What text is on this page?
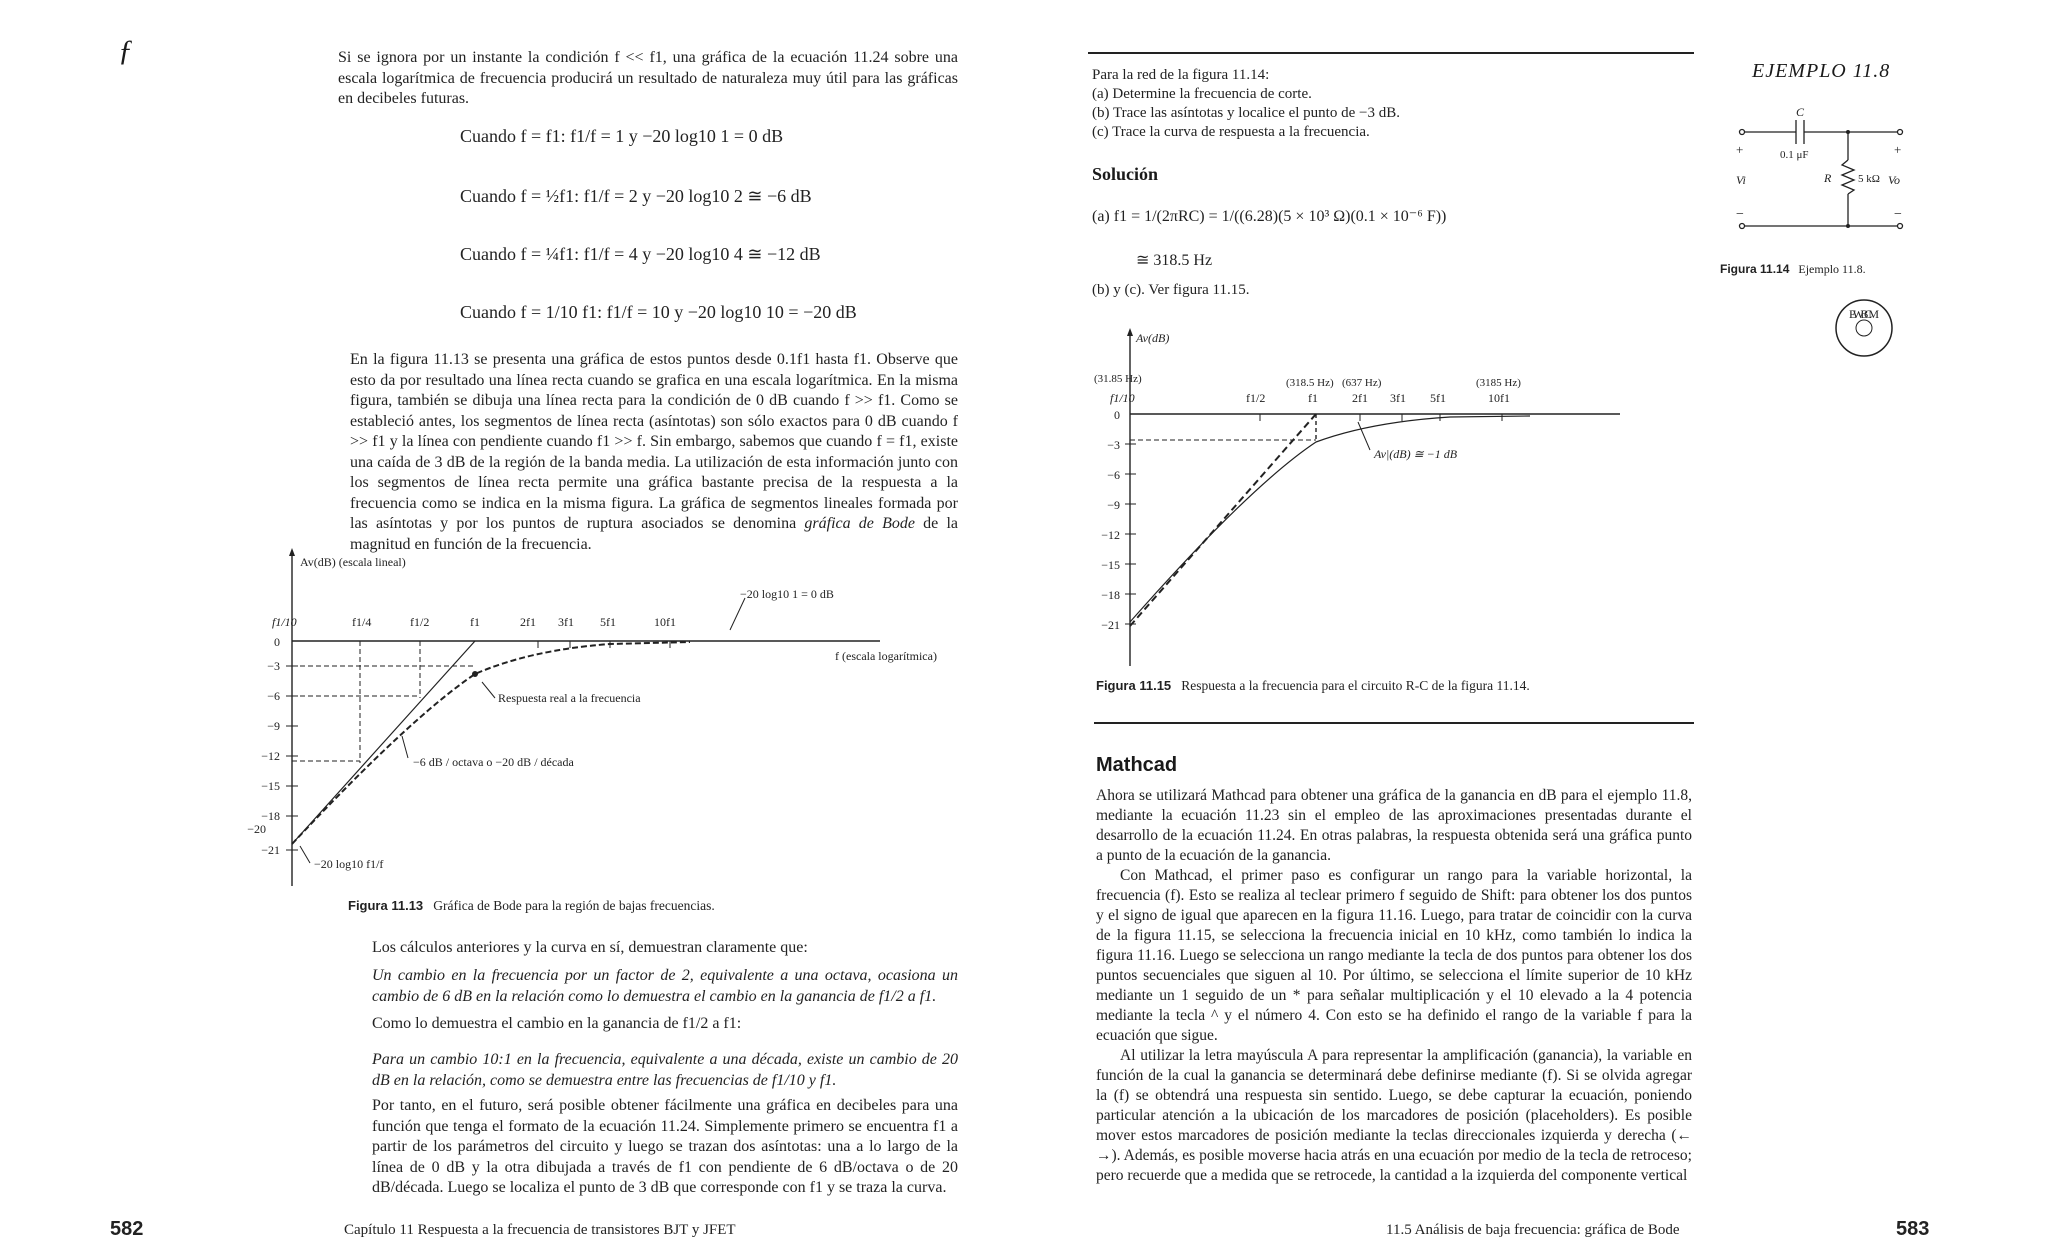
ƒ	Si se ignora por un instante la condición f << f1, una gráfica de la ecuación 11.24 sobre una escala logarítmica de frecuencia producirá un resultado de naturaleza muy útil para las gráficas en decibeles futuras.

Cuando f = f1: f1/f = 1 y −20 log10 1 = 0 dB
Cuando f = ½f1: f1/f = 2 y −20 log10 2 ≅ −6 dB
Cuando f = ¼f1: f1/f = 4 y −20 log10 4 ≅ −12 dB
Cuando f = 1/10 f1: f1/f = 10 y −20 log10 10 = −20 dB

En la figura 11.13 se presenta una gráfica de estos puntos desde 0.1f1 hasta f1. Observe que esto da por resultado una línea recta cuando se grafica en una escala logarítmica. En la misma figura, también se dibuja una línea recta para la condición de 0 dB cuando f >> f1. Como se estableció antes, los segmentos de línea recta (asíntotas) son sólo exactos para 0 dB cuando f >> f1 y la línea con pendiente cuando f1 >> f. Sin embargo, sabemos que cuando f = f1, existe una caída de 3 dB de la región de la banda media. La utilización de esta información junto con los segmentos de línea recta permite una gráfica bastante precisa de la respuesta a la frecuencia como se indica en la misma figura. La gráfica de segmentos lineales formada por las asíntotas y por los puntos de ruptura asociados se denomina gráfica de Bode de la magnitud en función de la frecuencia.

Av(dB) (escala lineal)
f (escala logarítmica)
f1/10	f1/4	f1/2	f1	2f1 3f1 5f1	10f1
0
−3
−6
−9
−12
−15
−18
−20
−21
−20 log10 1 = 0 dB
Respuesta real a la frecuencia
−6 dB / octava o −20 dB / década
−20 log10 f1/f
Figura 11.13 Gráfica de Bode para la región de bajas frecuencias.

Los cálculos anteriores y la curva en sí, demuestran claramente que:

Un cambio en la frecuencia por un factor de 2, equivalente a una octava, ocasiona un cambio de 6 dB en la relación como lo demuestra el cambio en la ganancia de f1/2 a f1.

Como lo demuestra el cambio en la ganancia de f1/2 a f1:

Para un cambio 10:1 en la frecuencia, equivalente a una década, existe un cambio de 20 dB en la relación, como se demuestra entre las frecuencias de f1/10 y f1.

Por tanto, en el futuro, será posible obtener fácilmente una gráfica en decibeles para una función que tenga el formato de la ecuación 11.24. Simplemente primero se encuentra f1 a partir de los parámetros del circuito y luego se trazan dos asíntotas: una a lo largo de la línea de 0 dB y la otra dibujada a través de f1 con pendiente de 6 dB/octava o de 20 dB/década. Luego se localiza el punto de 3 dB que corresponde con f1 y se traza la curva.

582	Capítulo 11 Respuesta a la frecuencia de transistores BJT y JFET
EJEMPLO 11.8
Para la red de la figura 11.14:
(a) Determine la frecuencia de corte.
(b) Trace las asíntotas y localice el punto de −3 dB.
(c) Trace la curva de respuesta a la frecuencia.
Solución
(a) f1 = 1/(2πRC) = 1/((6.28)(5 × 10³ Ω)(0.1 × 10⁻⁶ F))
≅ 318.5 Hz
(b) y (c). Ver figura 11.15.
C
0.1 μF
R 5 kΩ
+	+
Vi	Vo
−	−
Figura 11.14 Ejemplo 11.8.
EWB CM
Av(dB)
(31.85 Hz)	(318.5 Hz) (637 Hz)	(3185 Hz)
f1/10	f1/2	f1	2f1 3f1 5f1	10f1
0
−3
−6
−9
−12
−15
−18
−21
Av|(dB) ≅ −1 dB
Figura 11.15 Respuesta a la frecuencia para el circuito R-C de la figura 11.14.
Mathcad

Ahora se utilizará Mathcad para obtener una gráfica de la ganancia en dB para el ejemplo 11.8, mediante la ecuación 11.23 sin el empleo de las aproximaciones presentadas durante el desarrollo de la ecuación 11.24. En otras palabras, la respuesta obtenida será una gráfica punto a punto de la ecuación de la ganancia.

Con Mathcad, el primer paso es configurar un rango para la variable horizontal, la frecuencia (f). Esto se realiza al teclear primero f seguido de Shift: para obtener los dos puntos y el signo de igual que aparecen en la figura 11.16. Luego, para tratar de coincidir con la curva de la figura 11.15, se selecciona la frecuencia inicial en 10 kHz, como también lo indica la figura 11.16. Luego se selecciona un rango mediante la tecla de dos puntos para obtener los dos puntos secuenciales que siguen al 10. Por último, se selecciona el límite superior de 10 kHz mediante un 1 seguido de un * para señalar multiplicación y el 10 elevado a la 4 potencia mediante la tecla ^ y el número 4. Con esto se ha definido el rango de la variable f para la ecuación que sigue.

Al utilizar la letra mayúscula A para representar la amplificación (ganancia), la variable en función de la cual la ganancia se determinará debe definirse mediante (f). Si se olvida agregar la (f) se obtendrá una respuesta sin sentido. Luego, se debe capturar la ecuación, poniendo particular atención a la ubicación de los marcadores de posición (placeholders). Es posible mover estos marcadores de posición mediante la teclas direccionales izquierda y derecha (← →). Además, es posible moverse hacia atrás en una ecuación por medio de la tecla de retroceso; pero recuerde que a medida que se retrocede, la cantidad a la izquierda del componente vertical

11.5 Análisis de baja frecuencia: gráfica de Bode	583
